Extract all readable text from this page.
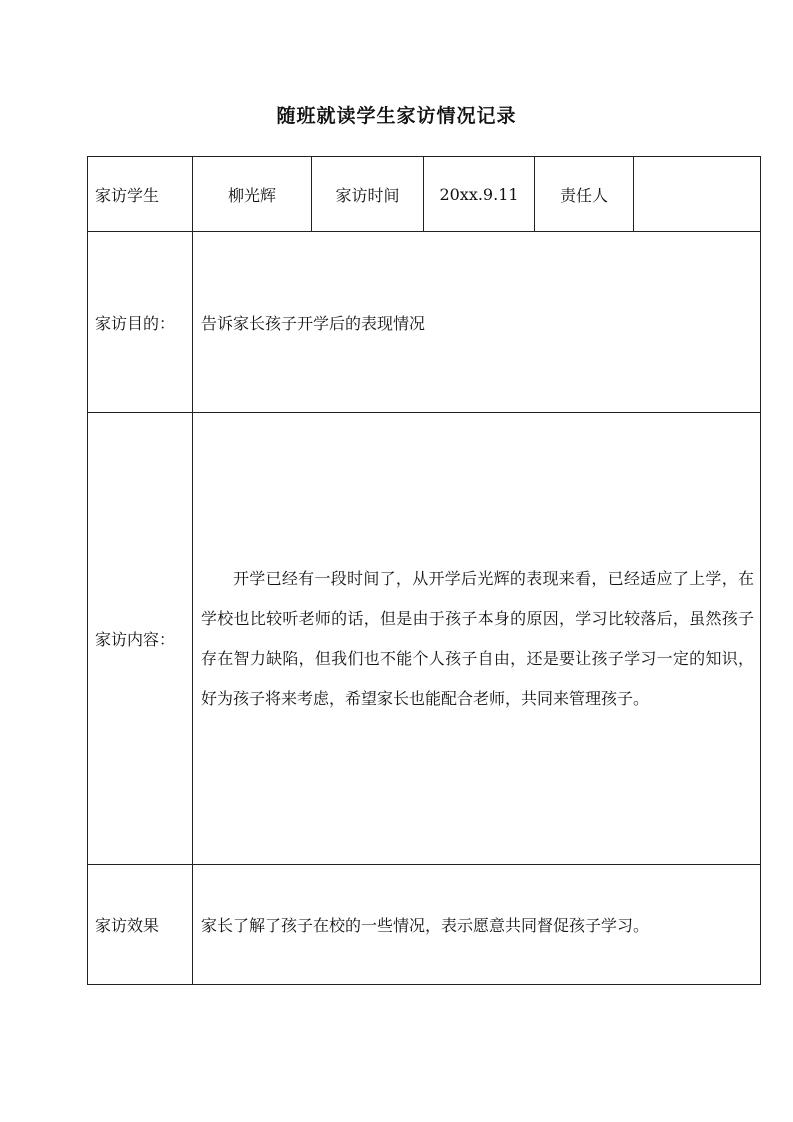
随班就读学生家访情况记录
家访学生	柳光辉	家访时间	20xx.9.11	责任人	
家访目的：	告诉家长孩子开学后的表现情况				
家访内容：	开学已经有一段时间了，从开学后光辉的表现来看，已经适应了上学，在学校也比较听老师的话，但是由于孩子本身的原因，学习比较落后，虽然孩子存在智力缺陷，但我们也不能个人孩子自由，还是要让孩子学习一定的知识，好为孩子将来考虑，希望家长也能配合老师，共同来管理孩子。				

家访效果	家长了解了孩子在校的一些情况，表示愿意共同督促孩子学习。				
